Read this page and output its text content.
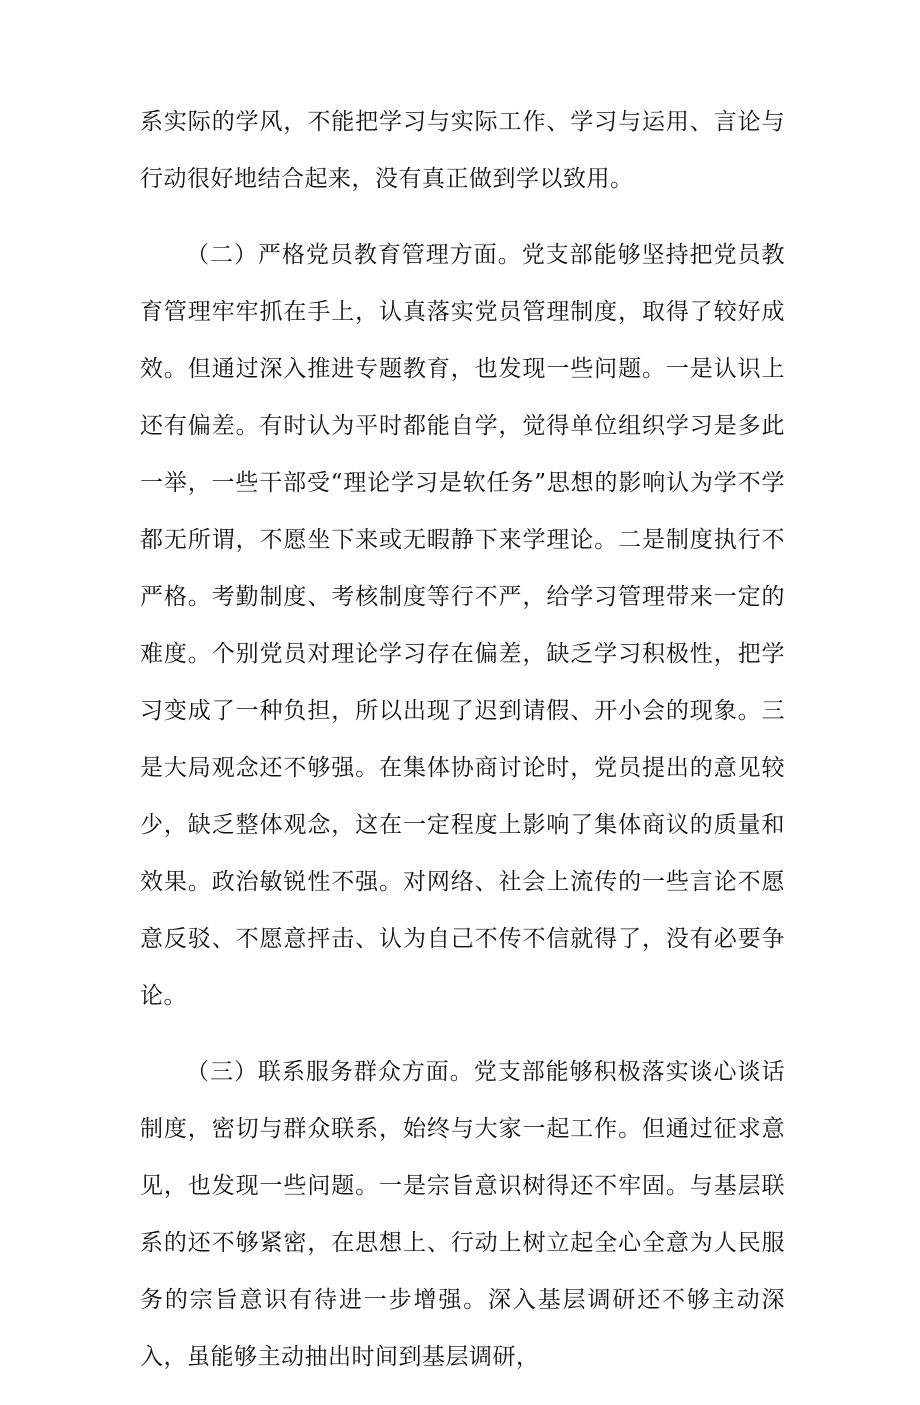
系实际的学风，不能把学习与实际工作、学习与运用、言论与行动很好地结合起来，没有真正做到学以致用。

（二）严格党员教育管理方面。党支部能够坚持把党员教育管理牢牢抓在手上，认真落实党员管理制度，取得了较好成效。但通过深入推进专题教育，也发现一些问题。一是认识上还有偏差。有时认为平时都能自学，觉得单位组织学习是多此一举，一些干部受“理论学习是软任务”思想的影响认为学不学都无所谓，不愿坐下来或无暇静下来学理论。二是制度执行不严格。考勤制度、考核制度等行不严，给学习管理带来一定的难度。个别党员对理论学习存在偏差，缺乏学习积极性，把学习变成了一种负担，所以出现了迟到请假、开小会的现象。三是大局观念还不够强。在集体协商讨论时，党员提出的意见较少，缺乏整体观念，这在一定程度上影响了集体商议的质量和效果。政治敏锐性不强。对网络、社会上流传的一些言论不愿意反驳、不愿意抨击、认为自己不传不信就得了，没有必要争论。

（三）联系服务群众方面。党支部能够积极落实谈心谈话制度，密切与群众联系，始终与大家一起工作。但通过征求意见，也发现一些问题。一是宗旨意识树得还不牢固。与基层联系的还不够紧密，在思想上、行动上树立起全心全意为人民服务的宗旨意识有待进一步增强。深入基层调研还不够主动深入，虽能够主动抽出时间到基层调研，
